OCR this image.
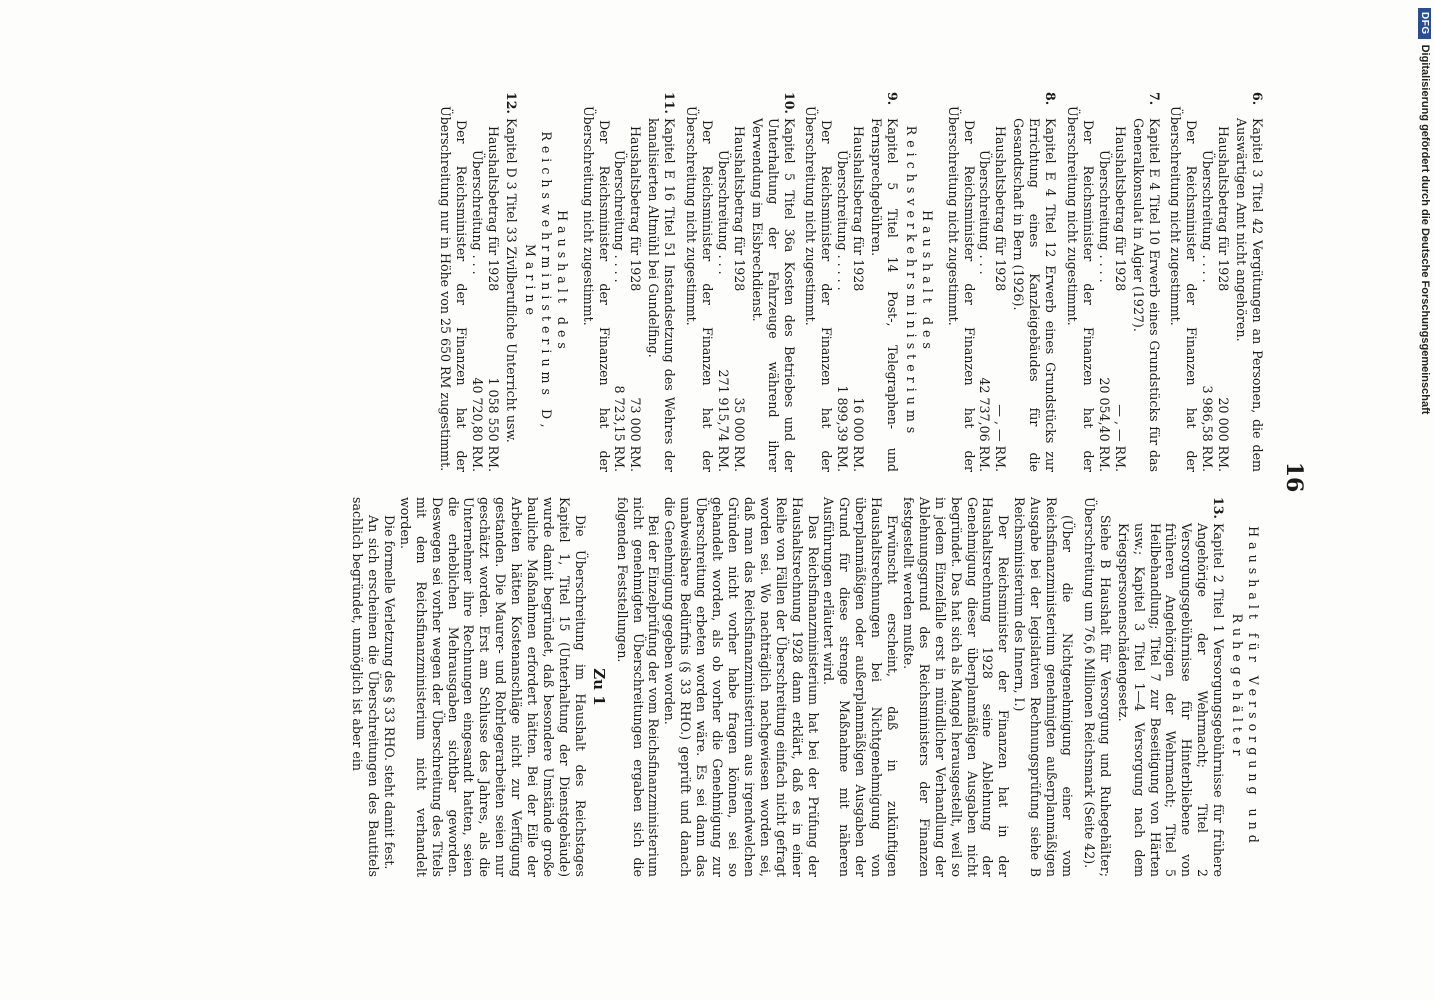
16
6.
Kapitel 3 Titel 42 Vergütungen an Personen, die dem Auswärtigen Amt nicht angehören.
Haushaltsbetrag für 1928
20 000 RM.
Überschreitung . . . .
3 986,58 RM.

Der Reichsminister der Finanzen hat der Überschreitung nicht zugestimmt.

7.
Kapitel E 4 Titel 10 Erwerb eines Grundstücks für das Generalkonsulat in Algier (1927).
Haushaltsbetrag für 1928
— , — RM.
Überschreitung . . . .
20 054,40 RM.

Der Reichsminister der Finanzen hat der Überschreitung nicht zugestimmt.

8.
Kapitel E 4 Titel 12 Erwerb eines Grundstücks zur Errichtung eines Kanzleigebäudes für die Gesandtschaft in Bern (1926).
Haushaltsbetrag für 1928
— , — RM.
Überschreitung . . .
42 737,06 RM.

Der Reichsminister der Finanzen hat der Überschreitung nicht zugestimmt.

Haushalt des Reichsverkehrsministeriums
9.
Kapitel 5 Titel 14 Post-, Telegraphen- und Fernsprechgebühren.
Haushaltsbetrag für 1928
16 000 RM.
Überschreitung . . . . .
1 899,39 RM.

Der Reichsminister der Finanzen hat der Überschreitung nicht zugestimmt.

10.
Kapitel 5 Titel 36a Kosten des Betriebes und der Unterhaltung der Fahrzeuge während ihrer Verwendung im Eisbrechdienst.
Haushaltsbetrag für 1928
35 000 RM.
Überschreitung . . .
271 915,74 RM.

Der Reichsminister der Finanzen hat der Überschreitung nicht zugestimmt.

11.
Kapitel E 16 Titel 51 Instandsetzung des Wehres der kanalisierten Altmühl bei Gundelfing.
Haushaltsbetrag für 1928
73 000 RM.
Überschreitung . . . .
8 723,15 RM.

Der Reichsminister der Finanzen hat der Überschreitung nicht zugestimmt.

Haushalt des Reichswehrministeriums D, Marine
12.
Kapitel D 3 Titel 33 Zivilberufliche Unterricht usw.
Haushaltsbetrag für 1928
1 058 550 RM.
Überschreitung . . .
40 720,80 RM.

Der Reichsminister der Finanzen hat der Überschreitung nur in Höhe von 25 650 RM zugestimmt.

Haushalt für Versorgung und Ruhegehälter
13.
Kapitel 2 Titel 1 Versorgungsgebührnisse für frühere Angehörige der Wehrmacht; Titel 2 Versorgungsgebührnisse für Hinterbliebene von früheren Angehörigen der Wehrmacht; Titel 5 Heilbehandlung; Titel 7 zur Beseitigung von Härten usw.; Kapitel 3 Titel 1—4 Versorgung nach dem Kriegspersonenschädengesetz.

Siehe B Haushalt für Versorgung und Ruhegehälter; Überschreitung um 76,6 Millionen Reichsmark (Seite 42).

(Über die Nichtgenehmigung einer vom Reichsfinanzministerium genehmigten außerplanmäßigen Ausgabe bei der legislativen Rechnungsprüfung siehe B Reichsministerium des Innern, I.)

Der Reichsminister der Finanzen hat in der Haushaltsrechnung 1928 seine Ablehnung der Genehmigung dieser überplanmäßigen Ausgaben nicht begründet. Das hat sich als Mangel herausgestellt, weil so in jedem Einzelfalle erst in mündlicher Verhandlung der Ablehnungsgrund des Reichsministers der Finanzen festgestellt werden mußte.

Erwünscht erscheint, daß in zukünftigen Haushaltsrechnungen bei Nichtgenehmigung von überplanmäßigen oder außerplanmäßigen Ausgaben der Grund für diese strenge Maßnahme mit näheren Ausführungen erläutert wird.

Das Reichsfinanzministerium hat bei der Prüfung der Haushaltsrechnung 1928 dann erklärt, daß es in einer Reihe von Fällen der Überschreitung einfach nicht gefragt worden sei. Wo nachträglich nachgewiesen worden sei, daß man das Reichsfinanzministerium aus irgendwelchen Gründen nicht vorher habe fragen können, sei so gehandelt worden, als ob vorher die Genehmigung zur Überschreitung erbeten worden wäre. Es sei dann das unabweisbare Bedürfnis (§ 33 RHO.) geprüft und danach die Genehmigung gegeben worden.

Bei der Einzelprüfung der vom Reichsfinanzministerium nicht genehmigten Überschreitungen ergaben sich die folgenden Feststellungen.

Zu 1

Die Überschreitung im Haushalt des Reichstages Kapitel 1, Titel 15 (Unterhaltung der Dienstgebäude) wurde damit begründet, daß besondere Umstände große bauliche Maßnahmen erfordert hätten. Bei der Eile der Arbeiten hätten Kostenanschläge nicht zur Verfügung gestanden. Die Maurer- und Rohrlegerarbeiten seien nur geschätzt worden. Erst am Schlusse des Jahres, als die Unternehmer ihre Rechnungen eingesandt hatten, seien die erheblichen Mehrausgaben sichtbar geworden. Deswegen sei vorher wegen der Überschreitung des Titels mit dem Reichsfinanzministerium nicht verhandelt worden.

Die formelle Verletzung des § 33 RHO. steht damit fest.

An sich erscheinen die Überschreitungen des Bautitels sachlich begründet, unmöglich ist aber ein

DFG
Digitalisierung gefördert durch die Deutsche Forschungsgemeinschaft
